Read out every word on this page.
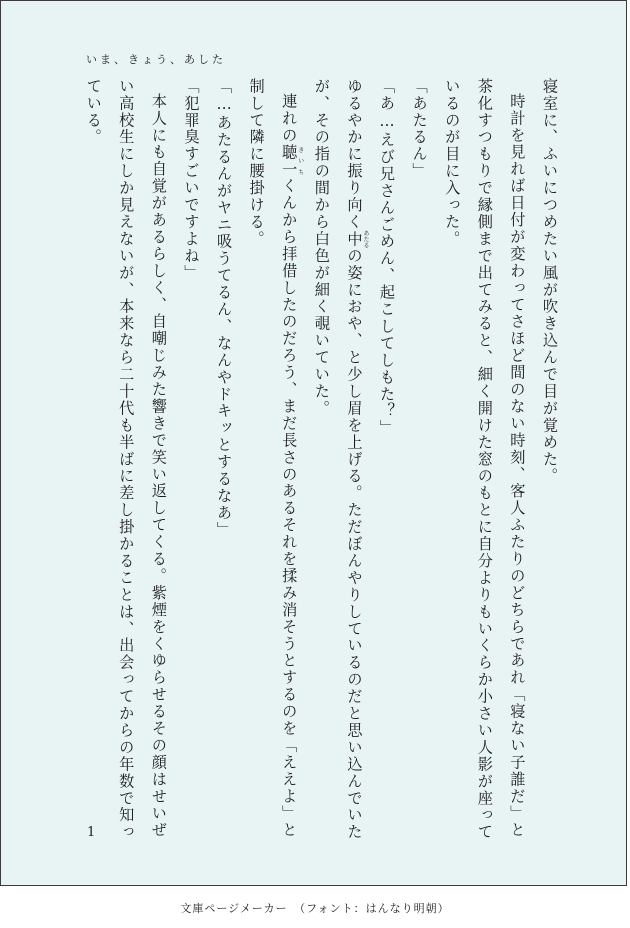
いま、きょう、あした

寝室に、ふいにつめたい風が吹き込んで目が覚めた。

時計を見れば日付が変わってさほど間のない時刻、客人ふたりのどちらであれ「寝ない子誰だ」と茶化すつもりで縁側まで出てみると、細く開けた窓のもとに自分よりもいくらか小さい人影が座っているのが目に入った。

「あたるん」

「あ…えび兄さんごめん、起こしてしもた？」

ゆるやかに振り向く中あたるの姿におや、と少し眉を上げる。ただぼんやりしているのだと思い込んでいたが、その指の間から白色が細く覗いていた。

連れの聴一きいちくんから拝借したのだろう、まだ長さのあるそれを揉み消そうとするのを「ええよ」と制して隣に腰掛ける。

「…あたるんがヤニ吸うてるん、なんやドキッとするなあ」

「犯罪臭すごいですよね」

本人にも自覚があるらしく、自嘲じみた響きで笑い返してくる。紫煙をくゆらせるその顔はせいぜい高校生にしか見えないが、本来なら二十代も半ばに差し掛かることは、出会ってからの年数で知っている。

1
文庫ページメーカー　（フォント：はんなり明朝）
